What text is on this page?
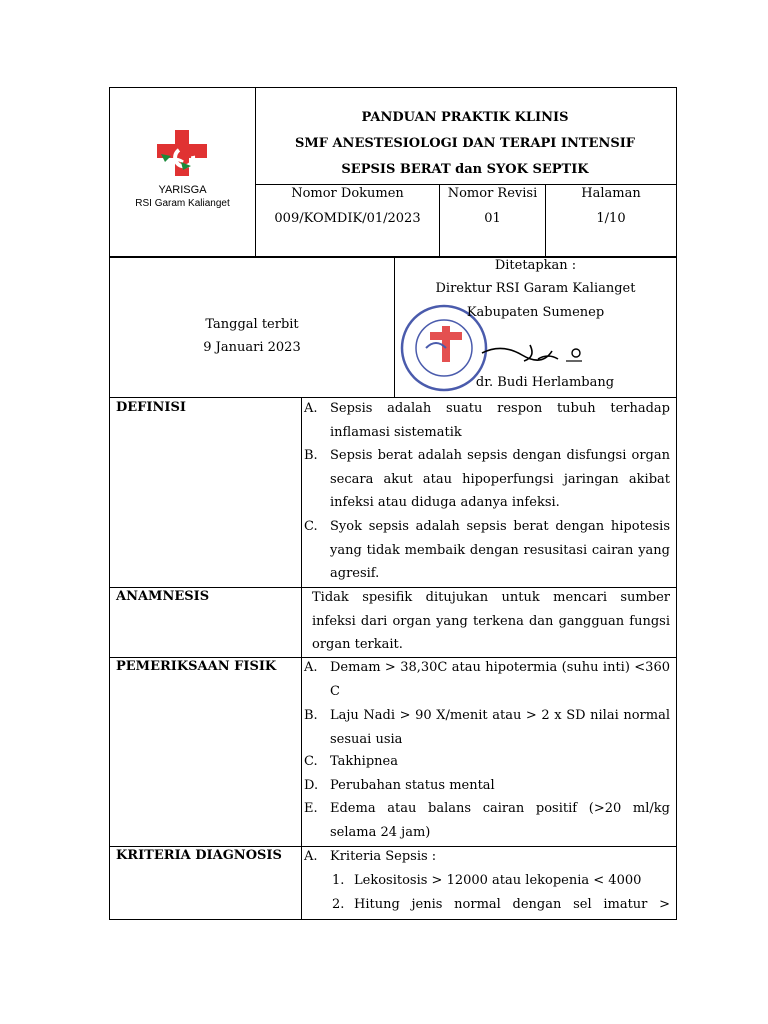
YARISGA
RSI Garam Kalianget
PANDUAN PRAKTIK KLINIS
SMF ANESTESIOLOGI DAN TERAPI INTENSIF
SEPSIS BERAT dan SYOK SEPTIK
Nomor Dokumen
009/KOMDIK/01/2023
Nomor Revisi
01
Halaman
1/10
Tanggal terbit
9 Januari 2023
Ditetapkan :
Direktur RSI Garam Kalianget
Kabupaten Sumenep
dr. Budi Herlambang
DEFINISI	A. Sepsis adalah suatu respon tubuh terhadap inflamasi sistematik
B. Sepsis berat adalah sepsis dengan disfungsi organ secara akut atau hipoperfungsi jaringan akibat infeksi atau diduga adanya infeksi.
C. Syok sepsis adalah sepsis berat dengan hipotesis yang tidak membaik dengan resusitasi cairan yang agresif.
ANAMNESIS	Tidak spesifik ditujukan untuk mencari sumber infeksi dari organ yang terkena dan gangguan fungsi organ terkait.
PEMERIKSAAN FISIK A. Demam > 38,30C atau hipotermia (suhu inti) <360 C
B. Laju Nadi > 90 X/menit atau > 2 x SD nilai normal sesuai usia
C. Takhipnea
D. Perubahan status mental
E. Edema atau balans cairan positif (>20 ml/kg selama 24 jam)
KRITERIA DIAGNOSIS A. Kriteria Sepsis :
1. Lekositosis > 12000 atau lekopenia < 4000
2. Hitung jenis normal dengan sel imatur >
